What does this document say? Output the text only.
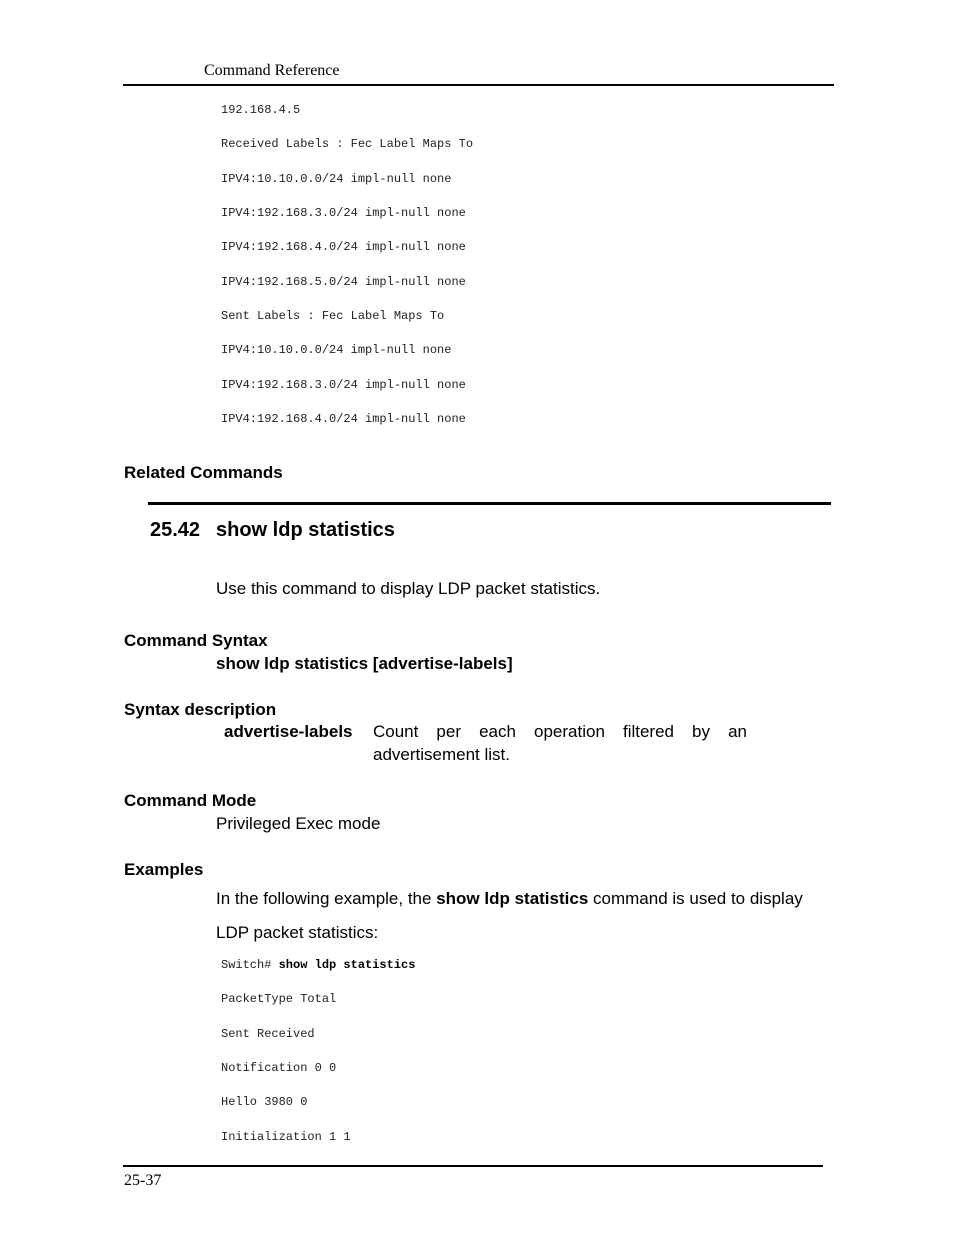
Command Reference
192.168.4.5
Received Labels : Fec Label Maps To
IPV4:10.10.0.0/24 impl-null none
IPV4:192.168.3.0/24 impl-null none
IPV4:192.168.4.0/24 impl-null none
IPV4:192.168.5.0/24 impl-null none
Sent Labels : Fec Label Maps To
IPV4:10.10.0.0/24 impl-null none
IPV4:192.168.3.0/24 impl-null none
IPV4:192.168.4.0/24 impl-null none
Related Commands
25.42 show ldp statistics
Use this command to display LDP packet statistics.
Command Syntax
show ldp statistics [advertise-labels]
Syntax description
advertise-labels Count per each operation filtered by an advertisement list.
Command Mode
Privileged Exec mode
Examples
In the following example, the show ldp statistics command is used to display
LDP packet statistics:
Switch# show ldp statistics
PacketType Total
Sent Received
Notification 0 0
Hello 3980 0
Initialization 1 1
25-37
